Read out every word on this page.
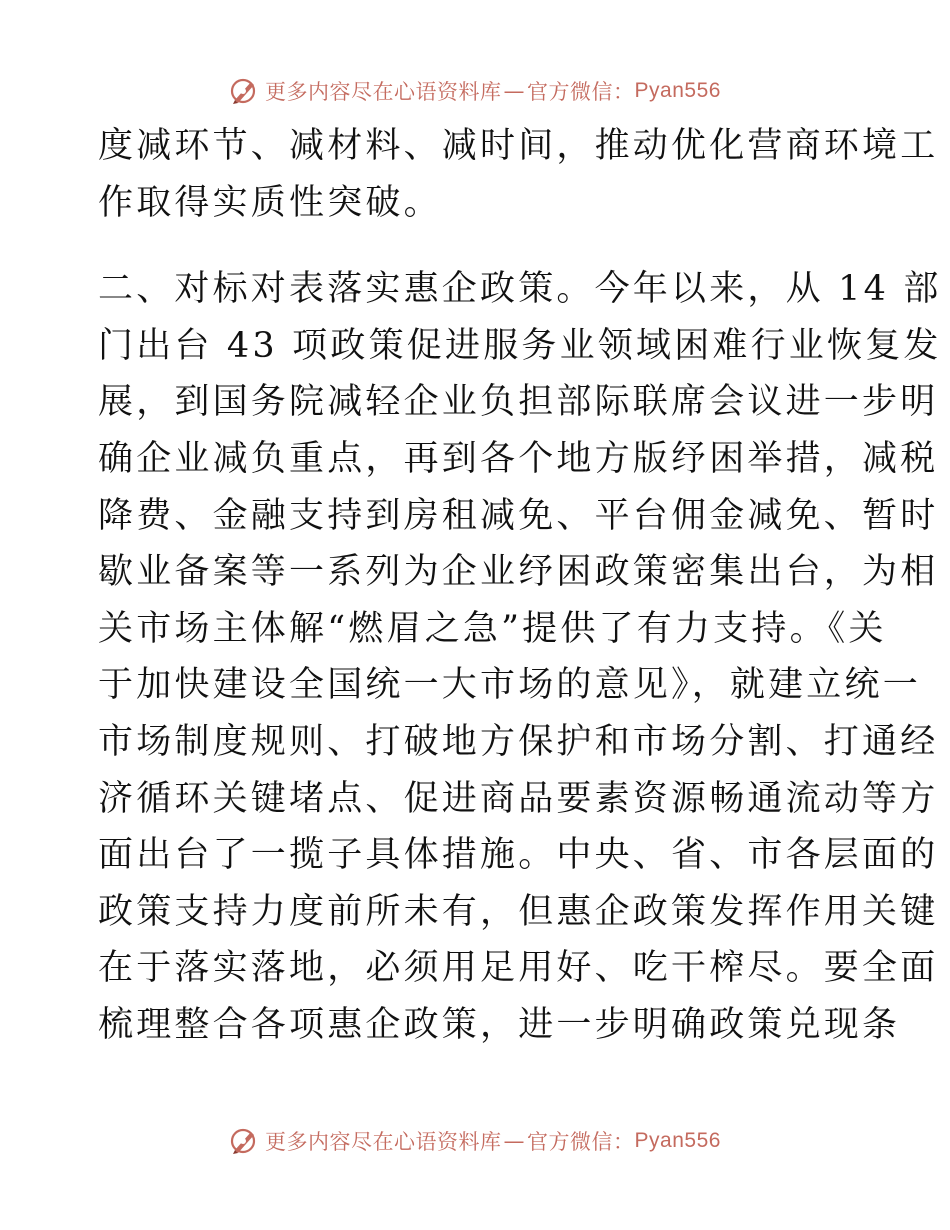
更多内容尽在心语资料库 — 官方微信： Pyan556
度减环节、减材料、减时间，推动优化营商环境工
作取得实质性突破。
二、对标对表落实惠企政策。今年以来，从 14 部
门出台 43 项政策促进服务业领域困难行业恢复发
展，到国务院减轻企业负担部际联席会议进一步明
确企业减负重点，再到各个地方版纾困举措，减税
降费、金融支持到房租减免、平台佣金减免、暂时
歇业备案等一系列为企业纾困政策密集出台，为相
关市场主体解“燃眉之急”提供了有力支持。《关
于加快建设全国统一大市场的意见》，就建立统一
市场制度规则、打破地方保护和市场分割、打通经
济循环关键堵点、促进商品要素资源畅通流动等方
面出台了一揽子具体措施。中央、省、市各层面的
政策支持力度前所未有，但惠企政策发挥作用关键
在于落实落地，必须用足用好、吃干榨尽。要全面
梳理整合各项惠企政策，进一步明确政策兑现条
更多内容尽在心语资料库 — 官方微信： Pyan556
